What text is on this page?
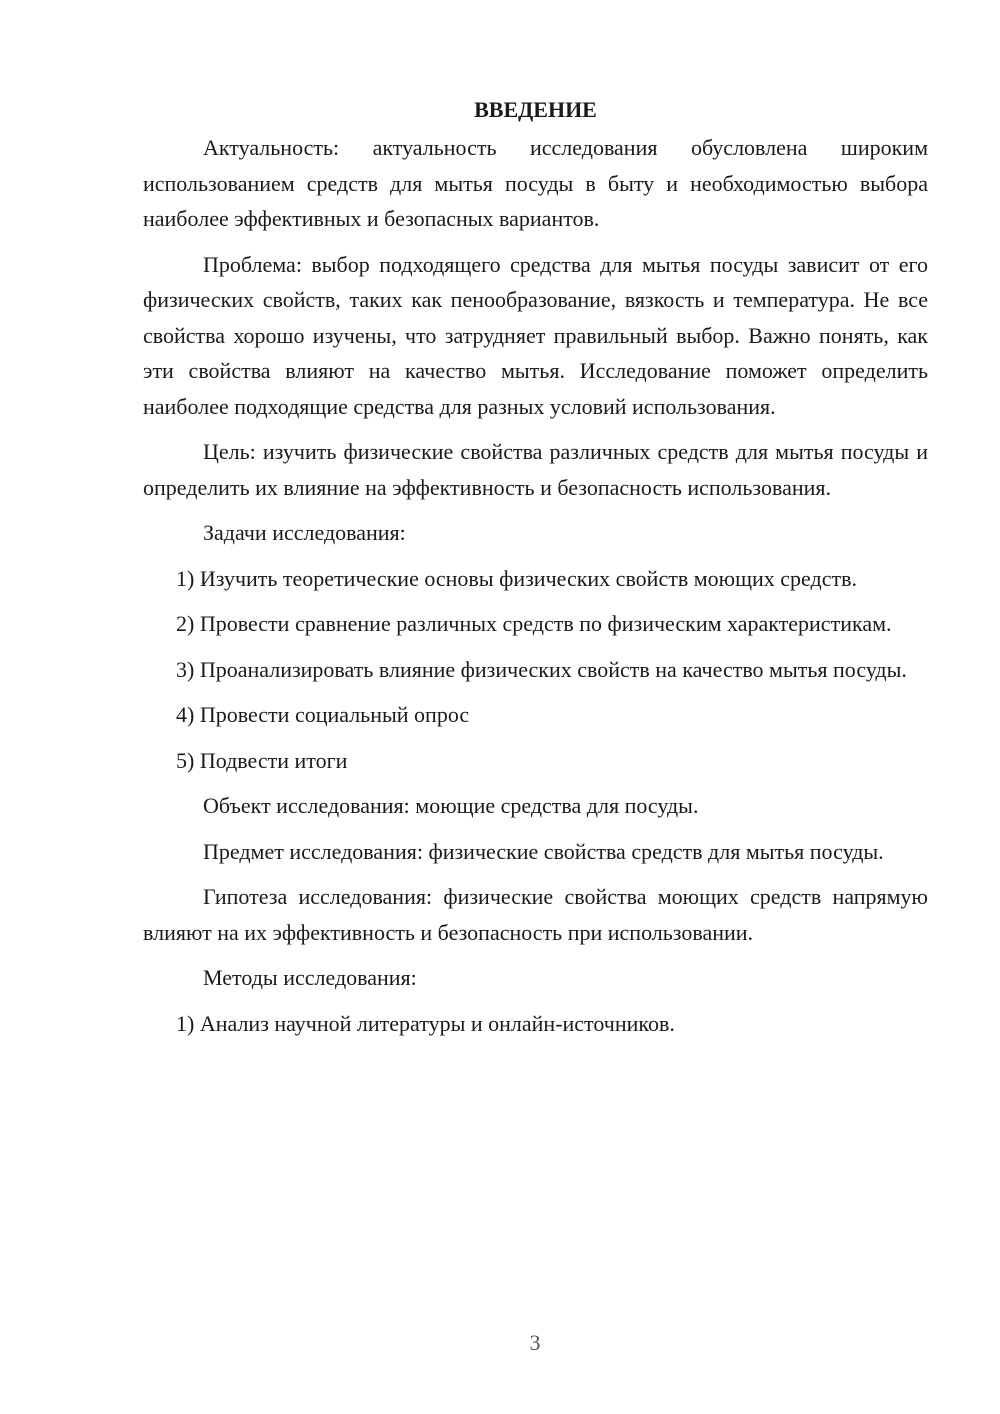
ВВЕДЕНИЕ

Актуальность: актуальность исследования обусловлена широким использованием средств для мытья посуды в быту и необходимостью выбора наиболее эффективных и безопасных вариантов.

Проблема: выбор подходящего средства для мытья посуды зависит от его физических свойств, таких как пенообразование, вязкость и температура. Не все свойства хорошо изучены, что затрудняет правильный выбор. Важно понять, как эти свойства влияют на качество мытья. Исследование поможет определить наиболее подходящие средства для разных условий использования.

Цель: изучить физические свойства различных средств для мытья посуды и определить их влияние на эффективность и безопасность использования.

Задачи исследования:

1) Изучить теоретические основы физических свойств моющих средств.

2) Провести сравнение различных средств по физическим характеристикам.

3) Проанализировать влияние физических свойств на качество мытья посуды.

4) Провести социальный опрос

5) Подвести итоги

Объект исследования: моющие средства для посуды.

Предмет исследования: физические свойства средств для мытья посуды.

Гипотеза исследования: физические свойства моющих средств напрямую влияют на их эффективность и безопасность при использовании.

Методы исследования:

1) Анализ научной литературы и онлайн-источников.

3
